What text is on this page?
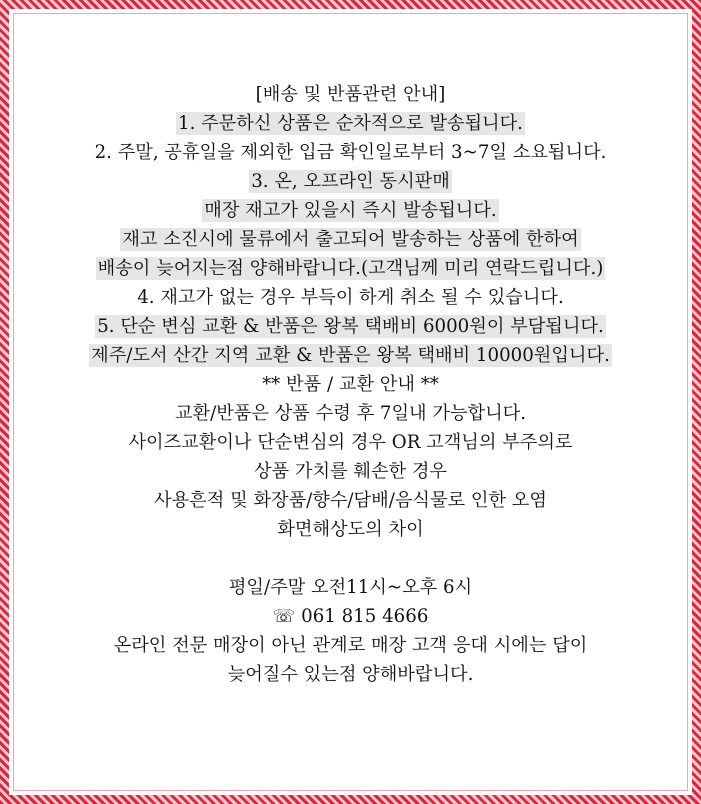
[배송 및 반품관련 안내]
1. 주문하신 상품은 순차적으로 발송됩니다.
2. 주말, 공휴일을 제외한 입금 확인일로부터 3~7일 소요됩니다.
3. 온, 오프라인 동시판매
매장 재고가 있을시 즉시 발송됩니다.
재고 소진시에 물류에서 출고되어 발송하는 상품에 한하여
배송이 늦어지는점 양해바랍니다.(고객님께 미리 연락드립니다.)
4. 재고가 없는 경우 부득이 하게 취소 될 수 있습니다.
5. 단순 변심 교환 & 반품은 왕복 택배비 6000원이 부담됩니다.
제주/도서 산간 지역 교환 & 반품은 왕복 택배비 10000원입니다.
** 반품 / 교환 안내 **
교환/반품은 상품 수령 후 7일내 가능합니다.
사이즈교환이나 단순변심의 경우 OR 고객님의 부주의로
상품 가치를 훼손한 경우
사용흔적 및 화장품/향수/담배/음식물로 인한 오염
화면해상도의 차이
평일/주말 오전11시~오후 6시
☏ 061 815 4666
온라인 전문 매장이 아닌 관계로 매장 고객 응대 시에는 답이
늦어질수 있는점 양해바랍니다.
